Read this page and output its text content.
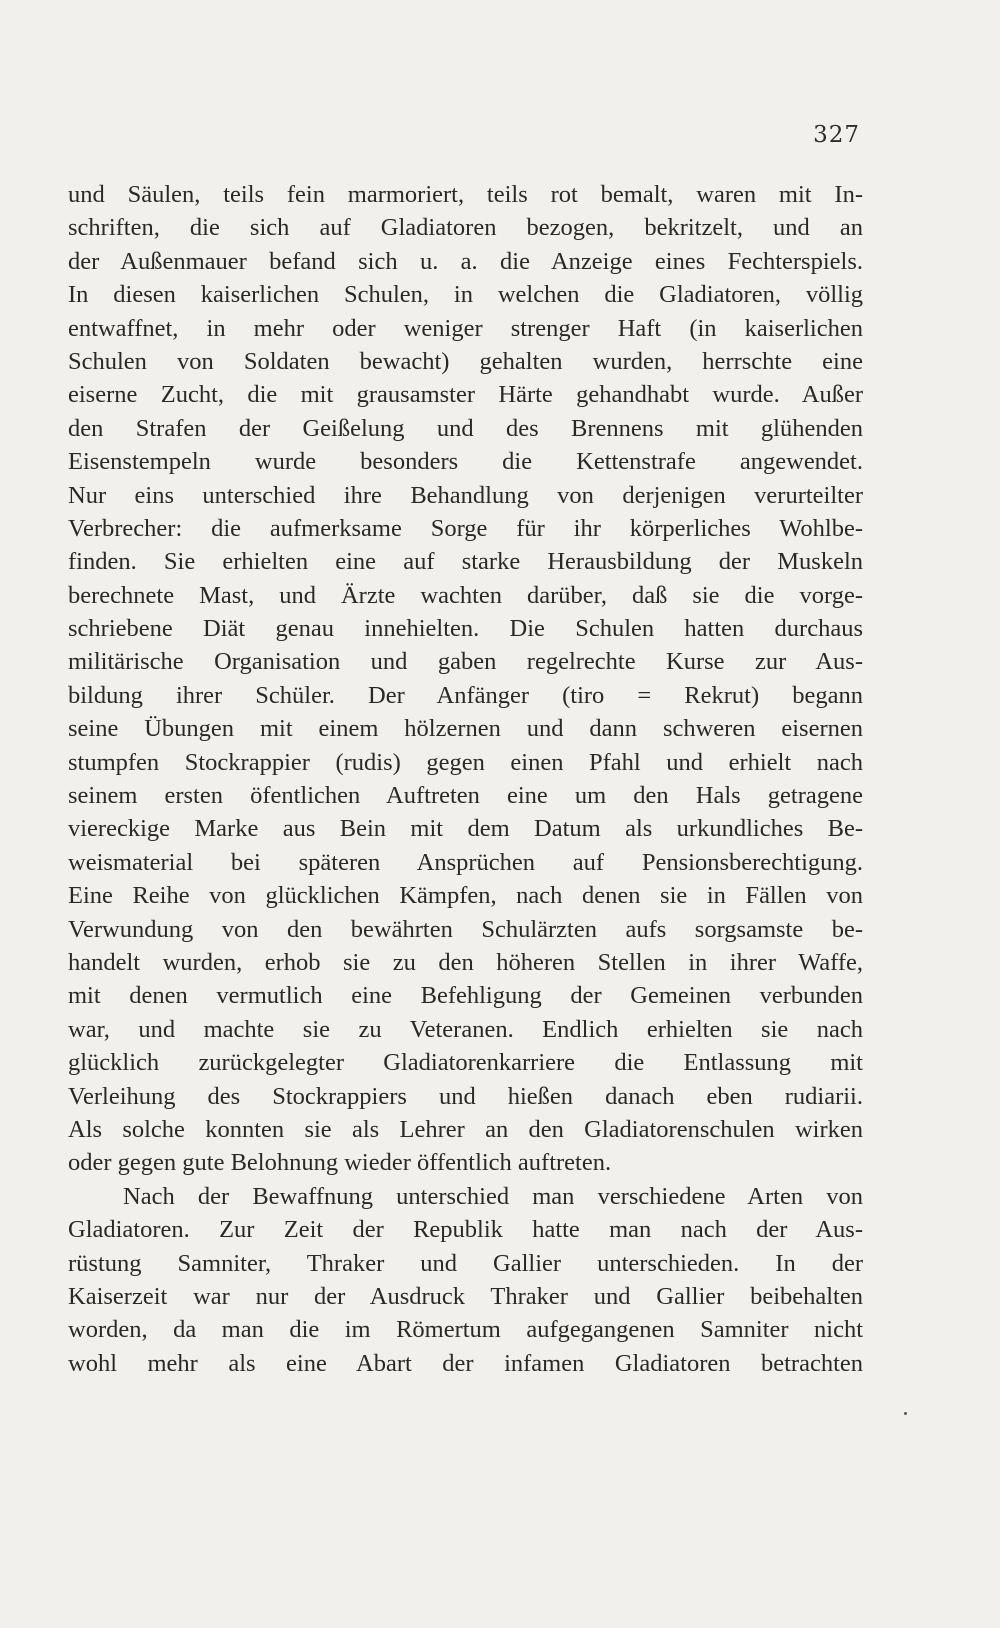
327
und Säulen, teils fein marmoriert, teils rot bemalt, waren mit In-
schriften, die sich auf Gladiatoren bezogen, bekritzelt, und an
der Außenmauer befand sich u. a. die Anzeige eines Fechterspiels.
In diesen kaiserlichen Schulen, in welchen die Gladiatoren, völlig
entwaffnet, in mehr oder weniger strenger Haft (in kaiserlichen
Schulen von Soldaten bewacht) gehalten wurden, herrschte eine
eiserne Zucht, die mit grausamster Härte gehandhabt wurde. Außer
den Strafen der Geißelung und des Brennens mit glühenden
Eisenstempeln wurde besonders die Kettenstrafe angewendet.
Nur eins unterschied ihre Behandlung von derjenigen verurteilter
Verbrecher: die aufmerksame Sorge für ihr körperliches Wohlbe-
finden. Sie erhielten eine auf starke Herausbildung der Muskeln
berechnete Mast, und Ärzte wachten darüber, daß sie die vorge-
schriebene Diät genau innehielten. Die Schulen hatten durchaus
militärische Organisation und gaben regelrechte Kurse zur Aus-
bildung ihrer Schüler. Der Anfänger (tiro = Rekrut) begann
seine Übungen mit einem hölzernen und dann schweren eisernen
stumpfen Stockrappier (rudis) gegen einen Pfahl und erhielt nach
seinem ersten öfentlichen Auftreten eine um den Hals getragene
viereckige Marke aus Bein mit dem Datum als urkundliches Be-
weismaterial bei späteren Ansprüchen auf Pensionsberechtigung.
Eine Reihe von glücklichen Kämpfen, nach denen sie in Fällen von
Verwundung von den bewährten Schulärzten aufs sorgsamste be-
handelt wurden, erhob sie zu den höheren Stellen in ihrer Waffe,
mit denen vermutlich eine Befehligung der Gemeinen verbunden
war, und machte sie zu Veteranen. Endlich erhielten sie nach
glücklich zurückgelegter Gladiatorenkarriere die Entlassung mit
Verleihung des Stockrappiers und hießen danach eben rudiarii.
Als solche konnten sie als Lehrer an den Gladiatorenschulen wirken
oder gegen gute Belohnung wieder öffentlich auftreten.
Nach der Bewaffnung unterschied man verschiedene Arten von
Gladiatoren. Zur Zeit der Republik hatte man nach der Aus-
rüstung Samniter, Thraker und Gallier unterschieden. In der
Kaiserzeit war nur der Ausdruck Thraker und Gallier beibehalten
worden, da man die im Römertum aufgegangenen Samniter nicht
wohl mehr als eine Abart der infamen Gladiatoren betrachten
